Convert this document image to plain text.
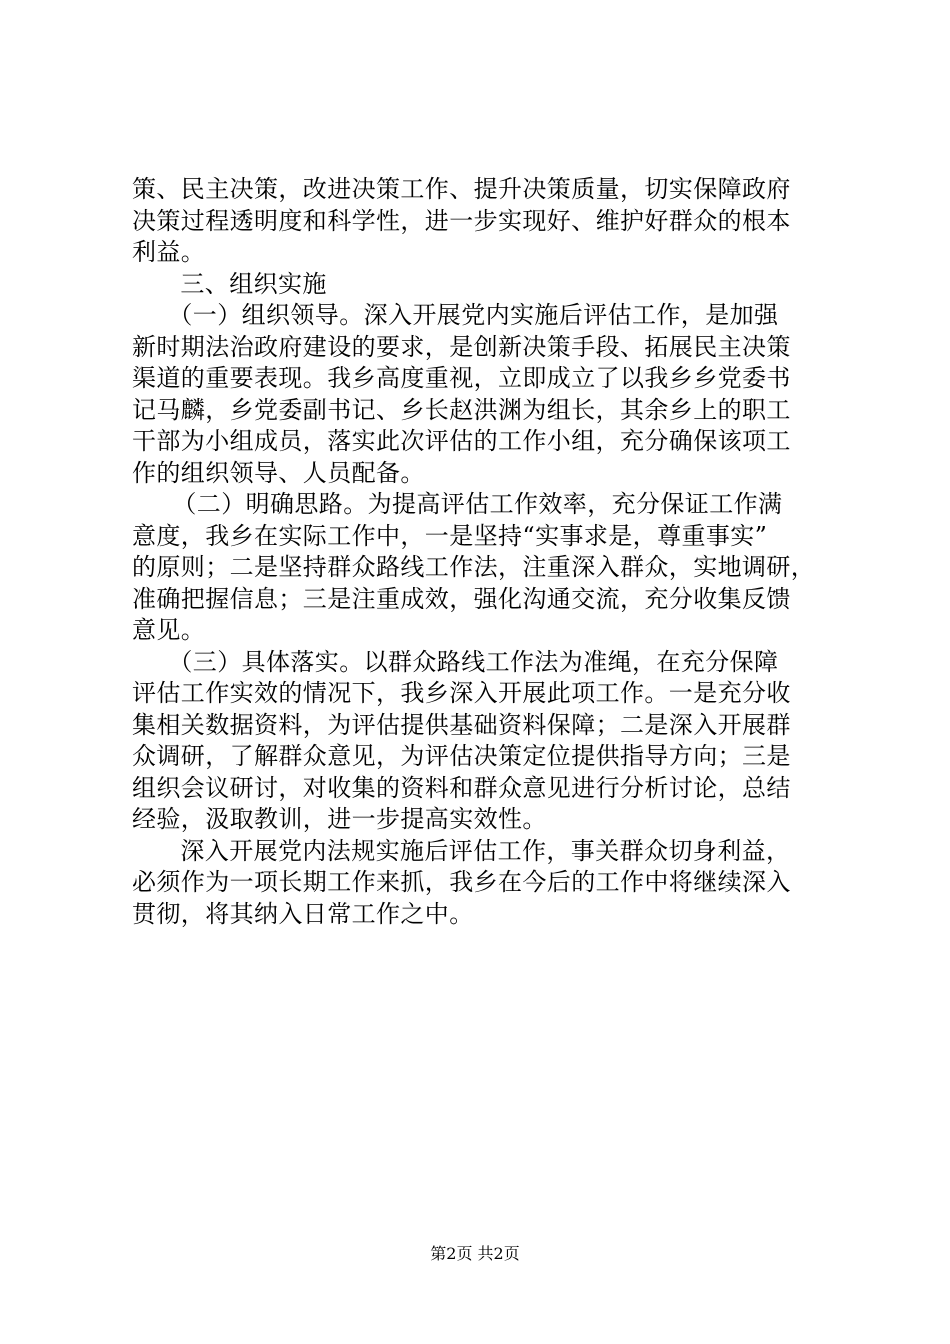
策、民主决策，改进决策工作、提升决策质量，切实保障政府
决策过程透明度和科学性，进一步实现好、维护好群众的根本
利益。
　三、组织实施
　（一）组织领导。深入开展党内实施后评估工作，是加强
新时期法治政府建设的要求，是创新决策手段、拓展民主决策
渠道的重要表现。我乡高度重视，立即成立了以我乡乡党委书
记马麟，乡党委副书记、乡长赵洪渊为组长，其余乡上的职工
干部为小组成员，落实此次评估的工作小组，充分确保该项工
作的组织领导、人员配备。
　（二）明确思路。为提高评估工作效率，充分保证工作满
意度，我乡在实际工作中，一是坚持“实事求是，尊重事实”
的原则；二是坚持群众路线工作法，注重深入群众，实地调研，
准确把握信息；三是注重成效，强化沟通交流，充分收集反馈
意见。
　（三）具体落实。以群众路线工作法为准绳，在充分保障
评估工作实效的情况下，我乡深入开展此项工作。一是充分收
集相关数据资料，为评估提供基础资料保障；二是深入开展群
众调研，了解群众意见，为评估决策定位提供指导方向；三是
组织会议研讨，对收集的资料和群众意见进行分析讨论，总结
经验，汲取教训，进一步提高实效性。
　深入开展党内法规实施后评估工作，事关群众切身利益，
必须作为一项长期工作来抓，我乡在今后的工作中将继续深入
贯彻，将其纳入日常工作之中。
第2页 共2页
